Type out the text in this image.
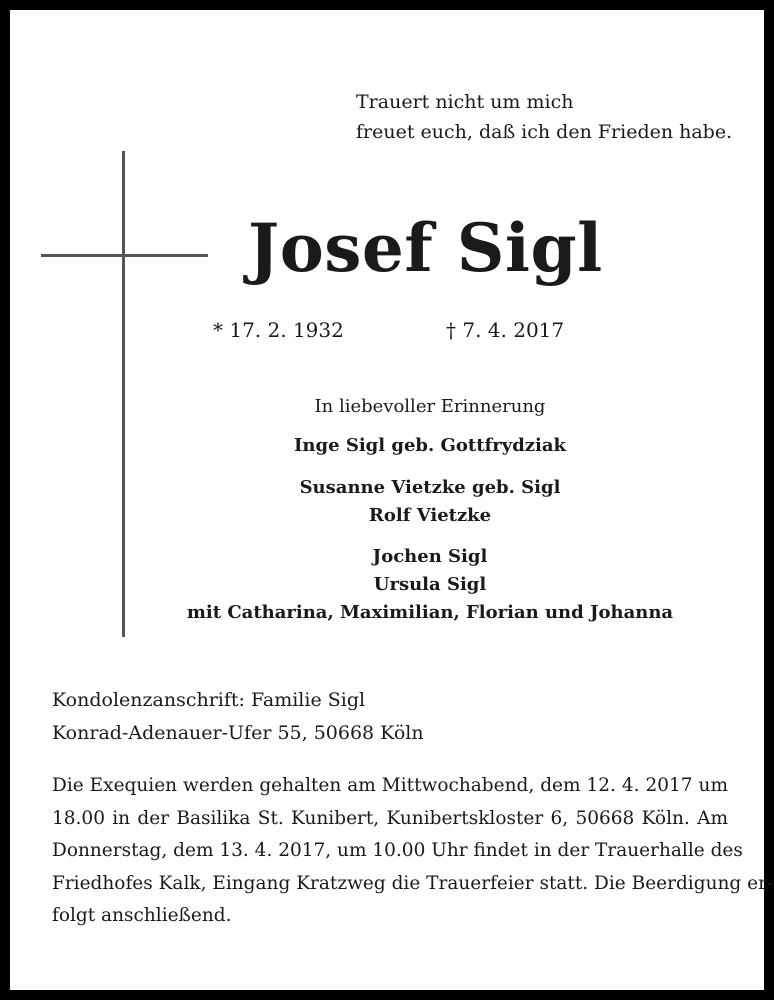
Trauert nicht um mich
freuet euch, daß ich den Frieden habe.
Josef Sigl
* 17. 2. 1932	† 7. 4. 2017
In liebevoller Erinnerung
Inge Sigl geb. Gottfrydziak
Susanne Vietzke geb. Sigl
Rolf Vietzke
Jochen Sigl
Ursula Sigl
mit Catharina, Maximilian, Florian und Johanna
Kondolenzanschrift: Familie Sigl
Konrad-Adenauer-Ufer 55, 50668 Köln
Die Exequien werden gehalten am Mittwochabend, dem 12. 4. 2017 um
18.00 in der Basilika St. Kunibert, Kunibertskloster 6, 50668 Köln. Am
Donnerstag, dem 13. 4. 2017, um 10.00 Uhr findet in der Trauerhalle des
Friedhofes Kalk, Eingang Kratzweg die Trauerfeier statt. Die Beerdigung er-
folgt anschließend.
